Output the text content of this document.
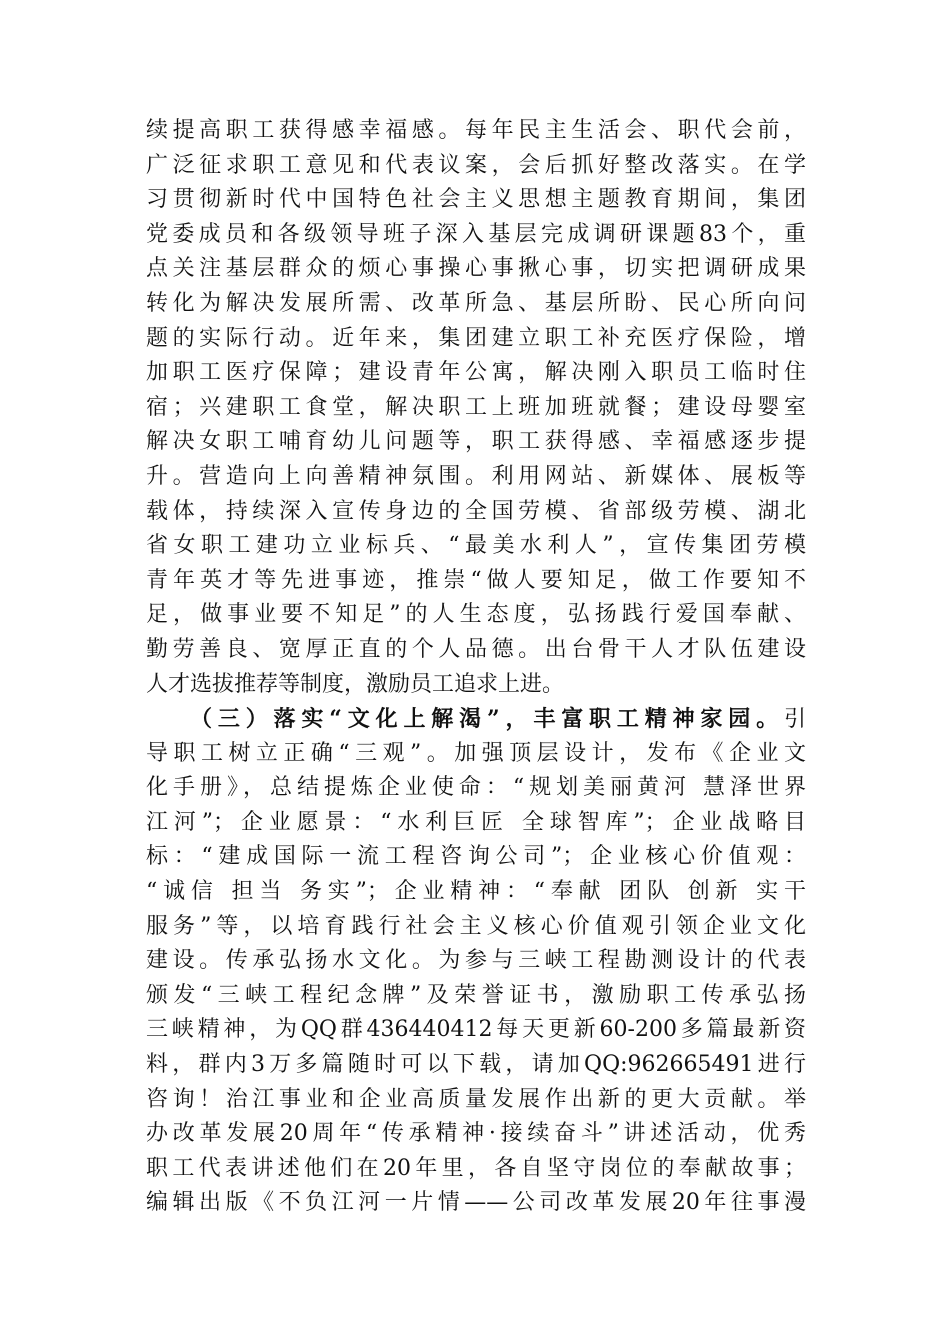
续提高职工获得感幸福感。每年民主生活会、职代会前，
广泛征求职工意见和代表议案，会后抓好整改落实。在学
习贯彻新时代中国特色社会主义思想主题教育期间，集团
党委成员和各级领导班子深入基层完成调研课题83个，重
点关注基层群众的烦心事操心事揪心事，切实把调研成果
转化为解决发展所需、改革所急、基层所盼、民心所向问
题的实际行动。近年来，集团建立职工补充医疗保险，增
加职工医疗保障；建设青年公寓，解决刚入职员工临时住
宿；兴建职工食堂，解决职工上班加班就餐；建设母婴室
解决女职工哺育幼儿问题等，职工获得感、幸福感逐步提
升。营造向上向善精神氛围。利用网站、新媒体、展板等
载体，持续深入宣传身边的全国劳模、省部级劳模、湖北
省女职工建功立业标兵、“最美水利人”，宣传集团劳模
青年英才等先进事迹，推崇“做人要知足，做工作要知不
足，做事业要不知足”的人生态度，弘扬践行爱国奉献、
勤劳善良、宽厚正直的个人品德。出台骨干人才队伍建设
人才选拔推荐等制度，激励员工追求上进。
（三）落实“文化上解渴”，丰富职工精神家园。引
导职工树立正确“三观”。加强顶层设计，发布《企业文
化手册》，总结提炼企业使命：“规划美丽黄河 慧泽世界
江河”；企业愿景：“水利巨匠 全球智库”；企业战略目
标：“建成国际一流工程咨询公司”；企业核心价值观：
“诚信 担当 务实”；企业精神：“奉献 团队 创新 实干
服务”等，以培育践行社会主义核心价值观引领企业文化
建设。传承弘扬水文化。为参与三峡工程勘测设计的代表
颁发“三峡工程纪念牌”及荣誉证书，激励职工传承弘扬
三峡精神，为QQ群436440412每天更新60-200多篇最新资
料，群内3万多篇随时可以下载，请加QQ:962665491进行
咨询！治江事业和企业高质量发展作出新的更大贡献。举
办改革发展20周年“传承精神·接续奋斗”讲述活动，优秀
职工代表讲述他们在20年里，各自坚守岗位的奉献故事；
编辑出版《不负江河一片情——公司改革发展20年往事漫
